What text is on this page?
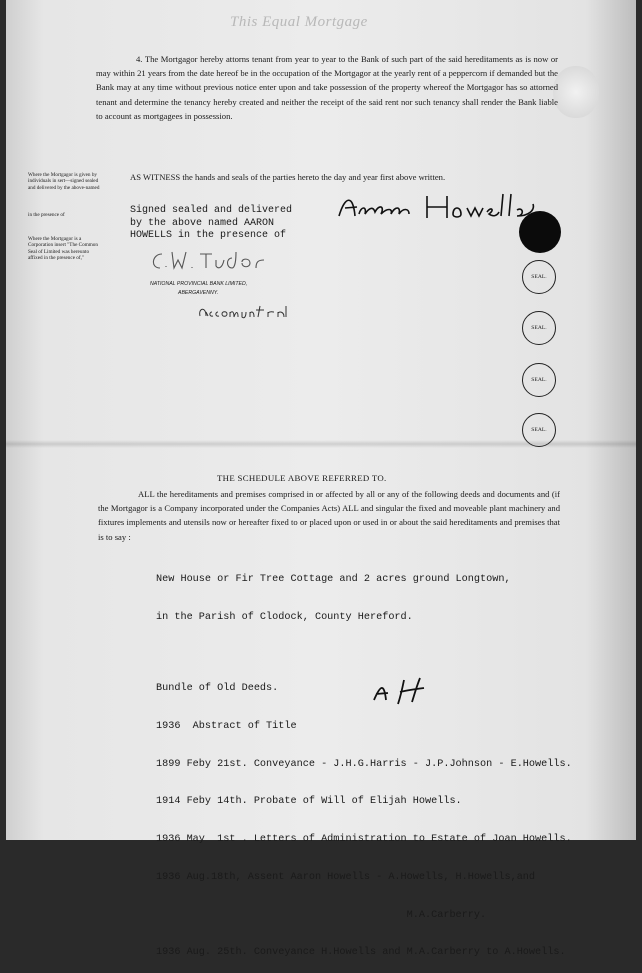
This Equal Mortgage

4. The Mortgagor hereby attorns tenant from year to year to the Bank of such part of the said hereditaments as is now or may within 21 years from the date hereof be in the occupation of the Mortgagor at the yearly rent of a peppercorn if demanded but the Bank may at any time without previous notice enter upon and take possession of the property whereof the Mortgagor has so attorned tenant and determine the tenancy hereby created and neither the receipt of the said rent nor such tenancy shall render the Bank liable to account as mortgagees in possession.

Where the Mortgagor is given by individuals in sert—signed sealed and delivered by the above-named
in the presence of
Where the Mortgagor is a Corporation insert "The Common Seal of Limited was hereunto affixed in the presence of,"
AS WITNESS the hands and seals of the parties hereto the day and year first above written.
Signed sealed and delivered
by the above named AARON
HOWELLS in the presence of
SEAL.
SEAL.
SEAL.
SEAL.
NATIONAL PROVINCIAL BANK LIMITED,
ABERGAVENNY.
THE SCHEDULE ABOVE REFERRED TO.

ALL the hereditaments and premises comprised in or affected by all or any of the following deeds and documents and (if the Mortgagor is a Company incorporated under the Companies Acts) ALL and singular the fixed and moveable plant machinery and fixtures implements and utensils now or hereafter fixed to or placed upon or used in or about the said hereditaments and premises that is to say :

New House or Fir Tree Cottage and 2 acres ground Longtown,

in the Parish of Clodock, County Hereford.

Bundle of Old Deeds.

1936  Abstract of Title

1899 Feby 21st. Conveyance - J.H.G.Harris - J.P.Johnson - E.Howells.

1914 Feby 14th. Probate of Will of Elijah Howells.

1936 May  1st . Letters of Administration to Estate of Joan Howells.

1936 Aug.18th, Assent Aaron Howells - A.Howells, H.Howells,and

M.A.Carberry.

1936 Aug. 25th. Conveyance H.Howells and M.A.Carberry to A.Howells.
